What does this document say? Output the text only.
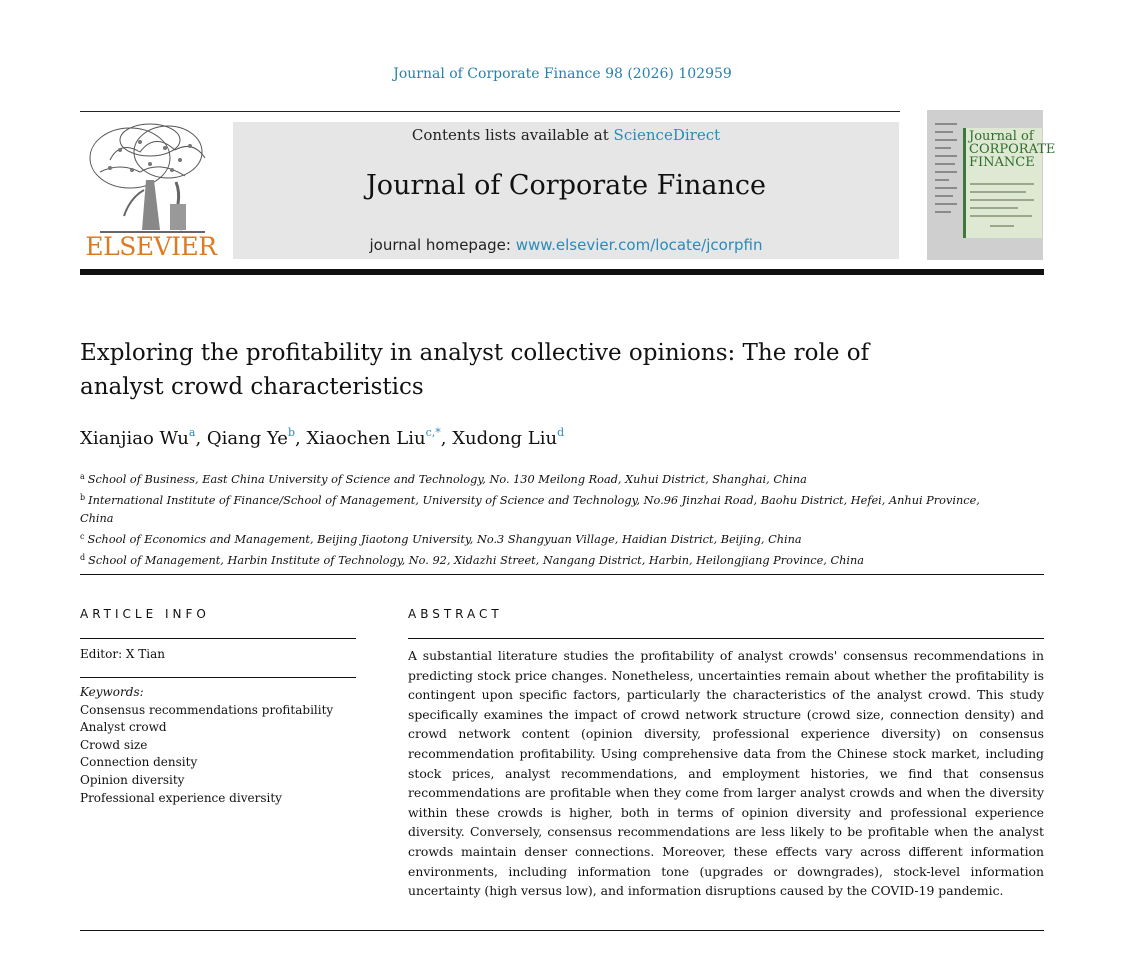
Journal of Corporate Finance 98 (2026) 102959
ELSEVIER
Contents lists available at ScienceDirect
Journal of Corporate Finance
journal homepage: www.elsevier.com/locate/jcorpfin
Journal of
CORPORATE
FINANCE
Exploring the profitability in analyst collective opinions: The role of analyst crowd characteristics
Xianjiao Wu$^a$, Qiang Ye$^b$, Xiaochen Liu$^{c,*}$, Xudong Liu$^d$
$^a$ School of Business, East China University of Science and Technology, No. 130 Meilong Road, Xuhui District, Shanghai, China
$^b$ International Institute of Finance/School of Management, University of Science and Technology, No.96 Jinzhai Road, Baohu District, Hefei, Anhui Province, China
$^c$ School of Economics and Management, Beijing Jiaotong University, No.3 Shangyuan Village, Haidian District, Beijing, China
$^d$ School of Management, Harbin Institute of Technology, No. 92, Xidazhi Street, Nangang District, Harbin, Heilongjiang Province, China
ARTICLE INFO	ABSTRACT
Editor: X Tian
Keywords:
Consensus recommendations profitability
Analyst crowd
Crowd size
Connection density
Opinion diversity
Professional experience diversity
A substantial literature studies the profitability of analyst crowds' consensus recommendations in predicting stock price changes. Nonetheless, uncertainties remain about whether the profitability is contingent upon specific factors, particularly the characteristics of the analyst crowd. This study specifically examines the impact of crowd network structure (crowd size, connection density) and crowd network content (opinion diversity, professional experience diversity) on consensus recommendation profitability. Using comprehensive data from the Chinese stock market, including stock prices, analyst recommendations, and employment histories, we find that consensus recommendations are profitable when they come from larger analyst crowds and when the diversity within these crowds is higher, both in terms of opinion diversity and professional experience diversity. Conversely, consensus recommendations are less likely to be profitable when the analyst crowds maintain denser connections. Moreover, these effects vary across different information environments, including information tone (upgrades or downgrades), stock-level information uncertainty (high versus low), and information disruptions caused by the COVID-19 pandemic.
